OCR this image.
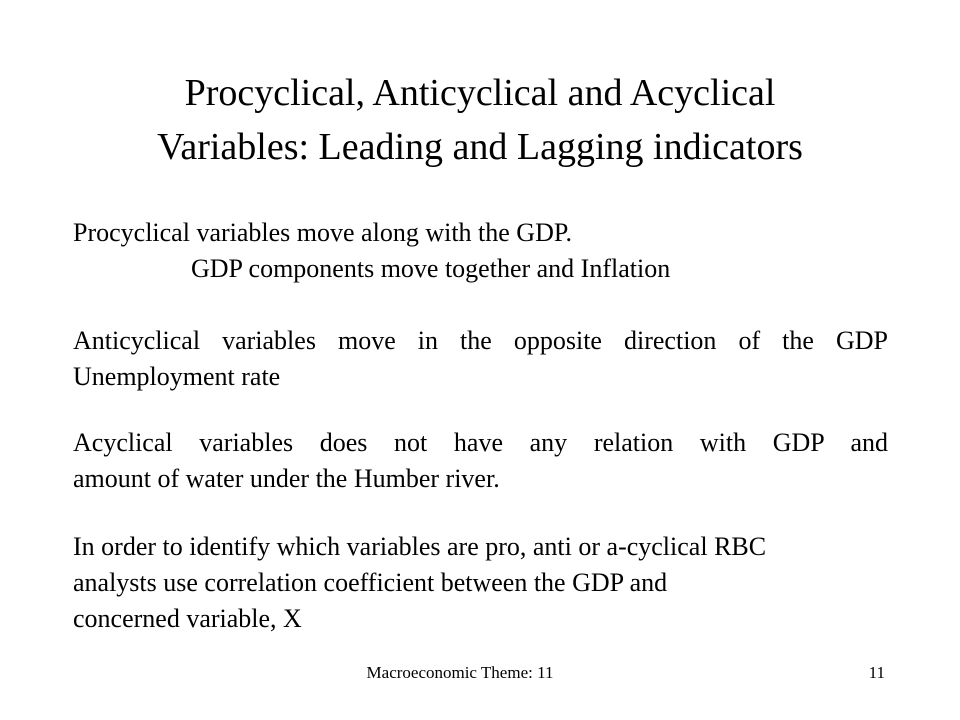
Procyclical, Anticyclical and Acyclical
Variables: Leading and Lagging indicators
Procyclical variables move along with the GDP.
GDP components move together and Inflation
Anticyclical variables move in the opposite direction of the GDP
Unemployment rate
Acyclical variables does not have any relation with GDP and
amount of water under the Humber river.
In order to identify which variables are pro, anti or a-cyclical RBC
analysts use correlation coefficient between the GDP and
concerned variable, X
Macroeconomic Theme: 11	11
